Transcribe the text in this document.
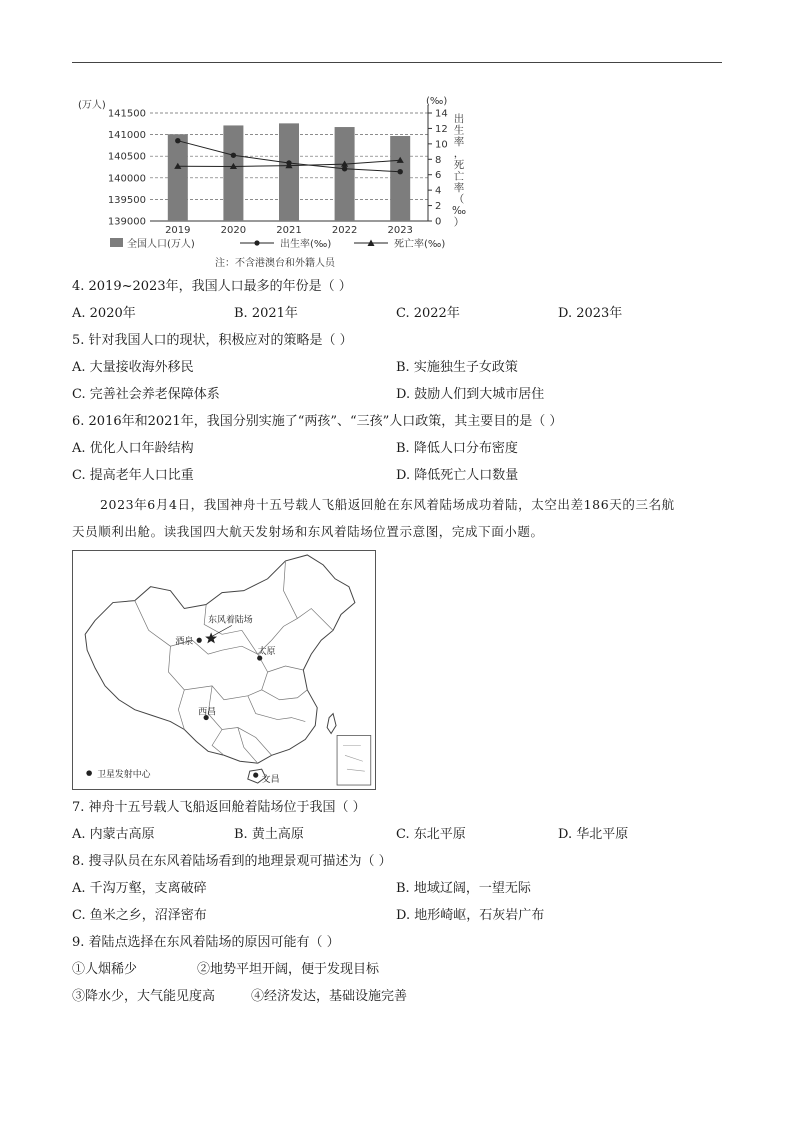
139000
139500
140000
140500
141000
141500
0
2
4
6
8
10
12
14
2019	2020	2021	2022	2023
(万人)	(‰)
出
生
率
，
死
亡
率
（
‰
）
全国人口(万人)	出生率(‰)	死亡率(‰)
注：不含港澳台和外籍人员
4. 2019~2023年，我国人口最多的年份是（ ）
A. 2020年	B. 2021年	C. 2022年	D. 2023年
5. 针对我国人口的现状，积极应对的策略是（ ）
A. 大量接收海外移民	B. 实施独生子女政策
C. 完善社会养老保障体系	D. 鼓励人们到大城市居住
6. 2016年和2021年，我国分别实施了“两孩”、“三孩”人口政策，其主要目的是（ ）
A. 优化人口年龄结构	B. 降低人口分布密度
C. 提高老年人口比重	D. 降低死亡人口数量
2023年6月4日，我国神舟十五号载人飞船返回舱在东风着陆场成功着陆，太空出差186天的三名航
天员顺利出舱。读我国四大航天发射场和东风着陆场位置示意图，完成下面小题。
东风着陆场
酒泉
太原
西昌
文昌
卫星发射中心
7. 神舟十五号载人飞船返回舱着陆场位于我国（ ）
A. 内蒙古高原	B. 黄土高原	C. 东北平原	D. 华北平原
8. 搜寻队员在东风着陆场看到的地理景观可描述为（ ）
A. 千沟万壑，支离破碎	B. 地域辽阔，一望无际
C. 鱼米之乡，沼泽密布	D. 地形崎岖，石灰岩广布
9. 着陆点选择在东风着陆场的原因可能有（ ）
①人烟稀少	②地势平坦开阔，便于发现目标
③降水少，大气能见度高	④经济发达，基础设施完善
